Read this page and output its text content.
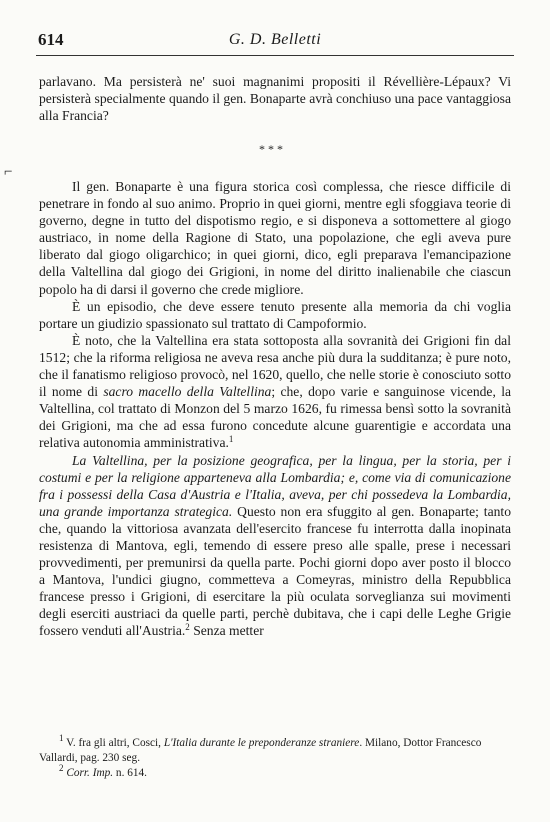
614	G. D. Belletti

parlavano. Ma persisterà ne' suoi magnanimi propositi il Révellière-Lépaux? Vi persisterà specialmente quando il gen. Bonaparte avrà conchiuso una pace vantaggiosa alla Francia?

* * *
⌐

Il gen. Bonaparte è una figura storica così complessa, che riesce difficile di penetrare in fondo al suo animo. Proprio in quei giorni, mentre egli sfoggiava teorie di governo, degne in tutto del dispotismo regio, e si disponeva a sottomettere al giogo austriaco, in nome della Ragione di Stato, una popolazione, che egli aveva pure liberato dal giogo oligarchico; in quei giorni, dico, egli preparava l'emancipazione della Valtellina dal giogo dei Grigioni, in nome del diritto inalienabile che ciascun popolo ha di darsi il governo che crede migliore.

È un episodio, che deve essere tenuto presente alla memoria da chi voglia portare un giudizio spassionato sul trattato di Campoformio.

È noto, che la Valtellina era stata sottoposta alla sovranità dei Grigioni fin dal 1512; che la riforma religiosa ne aveva resa anche più dura la sudditanza; è pure noto, che il fanatismo religioso provocò, nel 1620, quello, che nelle storie è conosciuto sotto il nome di sacro macello della Valtellina; che, dopo varie e sanguinose vicende, la Valtellina, col trattato di Monzon del 5 marzo 1626, fu rimessa bensì sotto la sovranità dei Grigioni, ma che ad essa furono concedute alcune guarentigie e accordata una relativa autonomia amministrativa.$^1$

La Valtellina, per la posizione geografica, per la lingua, per la storia, per i costumi e per la religione apparteneva alla Lombardia; e, come via di comunicazione fra i possessi della Casa d'Austria e l'Italia, aveva, per chi possedeva la Lombardia, una grande importanza strategica. Questo non era sfuggito al gen. Bonaparte; tanto che, quando la vittoriosa avanzata dell'esercito francese fu interrotta dalla inopinata resistenza di Mantova, egli, temendo di essere preso alle spalle, prese i necessari provvedimenti, per premunirsi da quella parte. Pochi giorni dopo aver posto il blocco a Mantova, l'undici giugno, commetteva a Comeyras, ministro della Repubblica francese presso i Grigioni, di esercitare la più oculata sorveglianza sui movimenti degli eserciti austriaci da quelle parti, perchè dubitava, che i capi delle Leghe Grigie fossero venduti all'Austria.$^2$ Senza metter

$^1$ V. fra gli altri, Cosci, L'Italia durante le preponderanze straniere. Milano, Dottor Francesco Vallardi, pag. 230 seg.

$^2$ Corr. Imp. n. 614.
